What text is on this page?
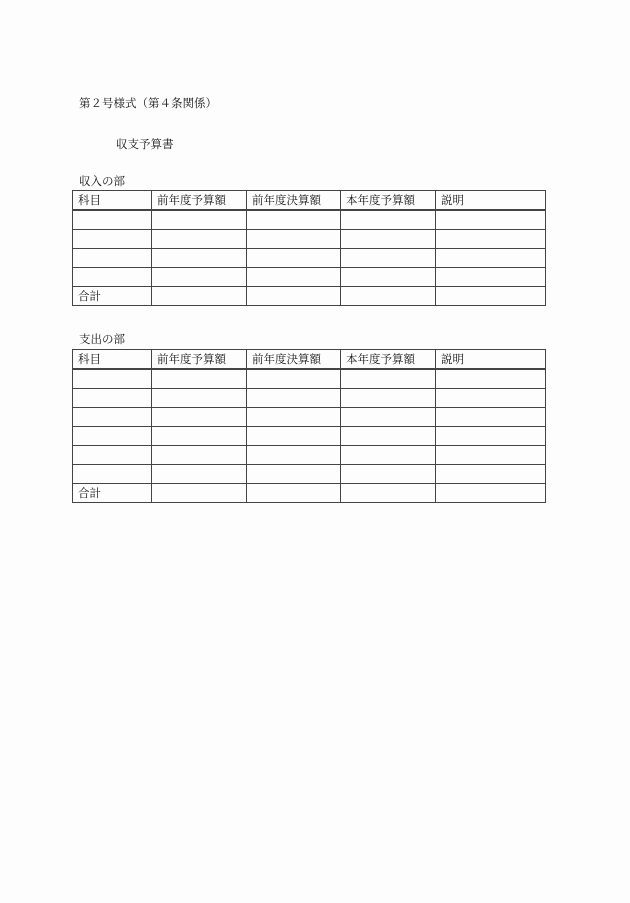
第２号様式（第４条関係）
収支予算書
収入の部
科目	前年度予算額	前年度決算額	本年度予算額	説明

合計				
支出の部
科目	前年度予算額	前年度決算額	本年度予算額	説明

合計				
